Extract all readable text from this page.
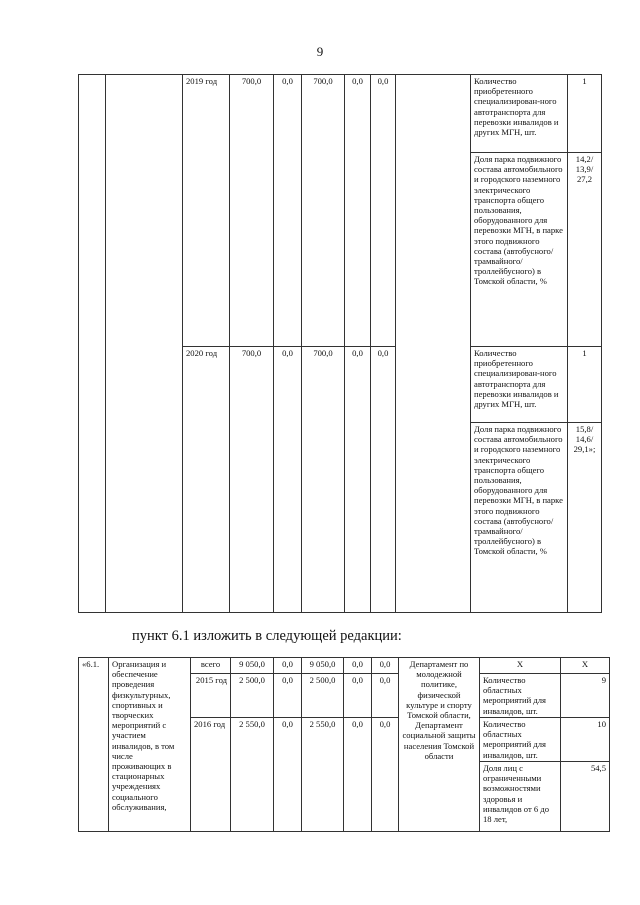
9
		2019 год	700,0	0,0	700,0	0,0	0,0		Количество приобретенного специализирован-ного автотранспорта для перевозки инвалидов и других МГН, шт.	1
									Доля парка подвижного состава автомобильного и городского наземного электрического транспорта общего пользования, оборудованного для перевозки МГН, в парке этого подвижного состава (автобусного/ трамвайного/ троллейбусного) в Томской области, %	14,2/ 13,9/ 27,2
		2020 год	700,0	0,0	700,0	0,0	0,0		Количество приобретенного специализирован-ного автотранспорта для перевозки инвалидов и других МГН, шт.	1
									Доля парка подвижного состава автомобильного и городского наземного электрического транспорта общего пользования, оборудованного для перевозки МГН, в парке этого подвижного состава (автобусного/ трамвайного/ троллейбусного) в Томской области, %	15,8/ 14,6/ 29,1»;
пункт 6.1 изложить в следующей редакции:
«6.1.	Организация и обеспечение проведения физкультурных, спортивных и творческих мероприятий с участием инвалидов, в том числе проживающих в стационарных учреждениях социального обслуживания,	всего	9 050,0	0,0	9 050,0	0,0	0,0	Департамент по молодежной политике, физической культуре и спорту Томской области, Департамент социальной защиты населения Томской области	X	X
		2015 год	2 500,0	0,0	2 500,0	0,0	0,0		Количество областных мероприятий для инвалидов, шт.	9
		2016 год	2 550,0	0,0	2 550,0	0,0	0,0		Количество областных мероприятий для инвалидов, шт.	10
									Доля лиц с ограниченными возможностями здоровья и инвалидов от 6 до 18 лет,	54,5
